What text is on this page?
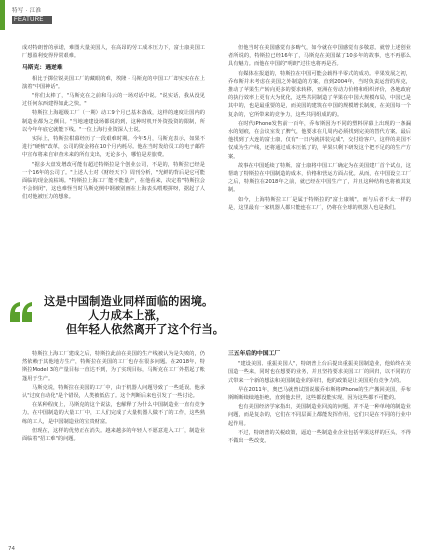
特写 · 江淮
FEATURE

成对特朗普的承诺，难图大量美国人，在高昂的劳工成本压力下，富士康美国工厂想盈利变得异常艰难。

马斯克：遇逆难

相比于掷位锐美国工厂的藏眼的难，埃隆 · 马斯克的中国工厂却实实在在上演着"中国神话"。

"你们太棒了，"马斯克在之前和马云的一场对话中说。"说实话，我从没见过任何东西建得如此之快。"

特斯拉上海超级工厂（一期）动工9个月已基本落成，这样的速度让国内的制造业都为之侧目。"当地速建设场都说的到，这种时机开外资投资的限制，所以今年年底它就能下线。"一位上海行业资深人士说。

实际上，特斯拉柑幕经历了一段艰难时期。今年5月，马斯克表示，如果不进行"硬核"改革，公司的资金将在10个月内耗尽。他在当时发给员工的电子邮件中宣布将来自审查未来的所有支出，无论多小，哪怕是差旅费。

"据多大盘发增改可能有超过特斯拉是个创业公司，不是的，特斯拉已经是一个16年的公司了。"上述人士对《财经天下》周刊分析，"光鲜的背后是它可能面临的现金流枯竭。"特斯拉上海工厂能不能量产，在他看来，决定着"特斯拉会不会倒闭"，这也难怪当时马斯克例中钢被别画在上海表头喂喂拼呀，据起了人们对他被压力的想象。

但他当时在美国感觉有多畴气，如今就在中国感觉有多敬意。就曾上述创业者所说的，特斯拉已经16年了，马斯克在美国谋了10多年的故事，也不再那么具有魅力。而他在中国的"明朗"过往也将再是否。

有媒体在报道的，特斯拉在中国可能会载得半零式的成功。苹果发展之初，乔布斯并未考虑在美国之外制造的方案，直到2004年，当时负责运营的库克，推动了苹果生产转向更多的要求转移，亚洲在劳动力价格和组织评价，各地政府的执行效率上更有大为优化，这些共同制造了苹果在中国大规模布局，中国已是其中的，也是最重要的是，而美国的建筑在中国的规模增长制度，在美国每一个复杂的，它所带来的竞争力，这些共同组成的的。

在时代iPhone发售前一百年，乔布斯因为不同的塑料屏幕上出现的一条漏水的划痕，在会议室发了脾气，他要求在几周内必须找到完美的替代方案。最后他找到了大连的富士康，仅有"一日内就拼装完成"，交付给客户。这样的美国不仅成为生产线，还将通过成本压低了的，苹果只剩下研发这个把不足的的生产方案。

故事在中国延续了特斯。富士康将中国工厂确定为在美国建厂首个试点，这帮助了特斯拉在中国制造的成本，价格和营运方面占优。从而，在中国设立工厂之后，特斯拉在2018年之前，就已经在中国生产了，并且这种结构也将被其复制。

如今，上海特斯拉工厂是属于特斯拉的"富士康城"，而与后者不太一样的是，这里最有一家机器人都只能连在工厂，仍将在全球的机器人也是我们。

这是中国制造业同样面临的困境。
人力成本上涨，
但年轻人依然离开了这个行当。

特斯拉上海工厂建成之后，特斯拉此前在美国的生产线被认为是失败的，仍然依赖于其他地方生产，特斯拉在美国的工厂也存在很多问题。在2018年，特斯拉Model 3的产量目标一直达不到，为了实现目标，马斯克在工厂外搭起了帐篷用于生产。

马斯克说，特斯拉在美国的工厂中，由于机器人问题导致了一些延误。他承认"过度自动化"是个错误，人类被低估了。这个判断后来也引发了一些讨论。

在某种程度上，马斯克的这个说法，也解释了为什么中国制造业一直有竞争力。在中国制造的大量工厂中，工人们完成了大量机器人做不了的工作，这些熟练的工人，是中国制造业的宝贵财富。

但现在，这样的优势正在消失。越来越多的年轻人不愿意进入工厂，制造业面临着"招工难"的问题。

三五年后的中国工厂

"建设美国、重振美国人"，特朗普上台后提出重振美国制造业，他始终在美国造一些来，同时也在想要的业务，并且坚持要求美国工厂的回归，以不同的方式带来一个新的想法和美国制造业的回归，他的政策是让美国更有竞争力的。

早在2011年，奥巴马就曾试图说服乔布斯将iPhone的生产搬回美国，乔布斯断断续续地拒绝，直到他去世，这些都没能实现，因为这些都不可能的。

也有美国经济学家指出，美国制造业回流的问题，并不是一种单纯的制造业问题，而是复杂的，它们在不同层面上都能发挥作用，它们只是在不同的行业中起作用。

不过，特朗普的关税政策，逼迫一些制造业企业包括苹果这样的巨头，不得不做出一些改变。

74
